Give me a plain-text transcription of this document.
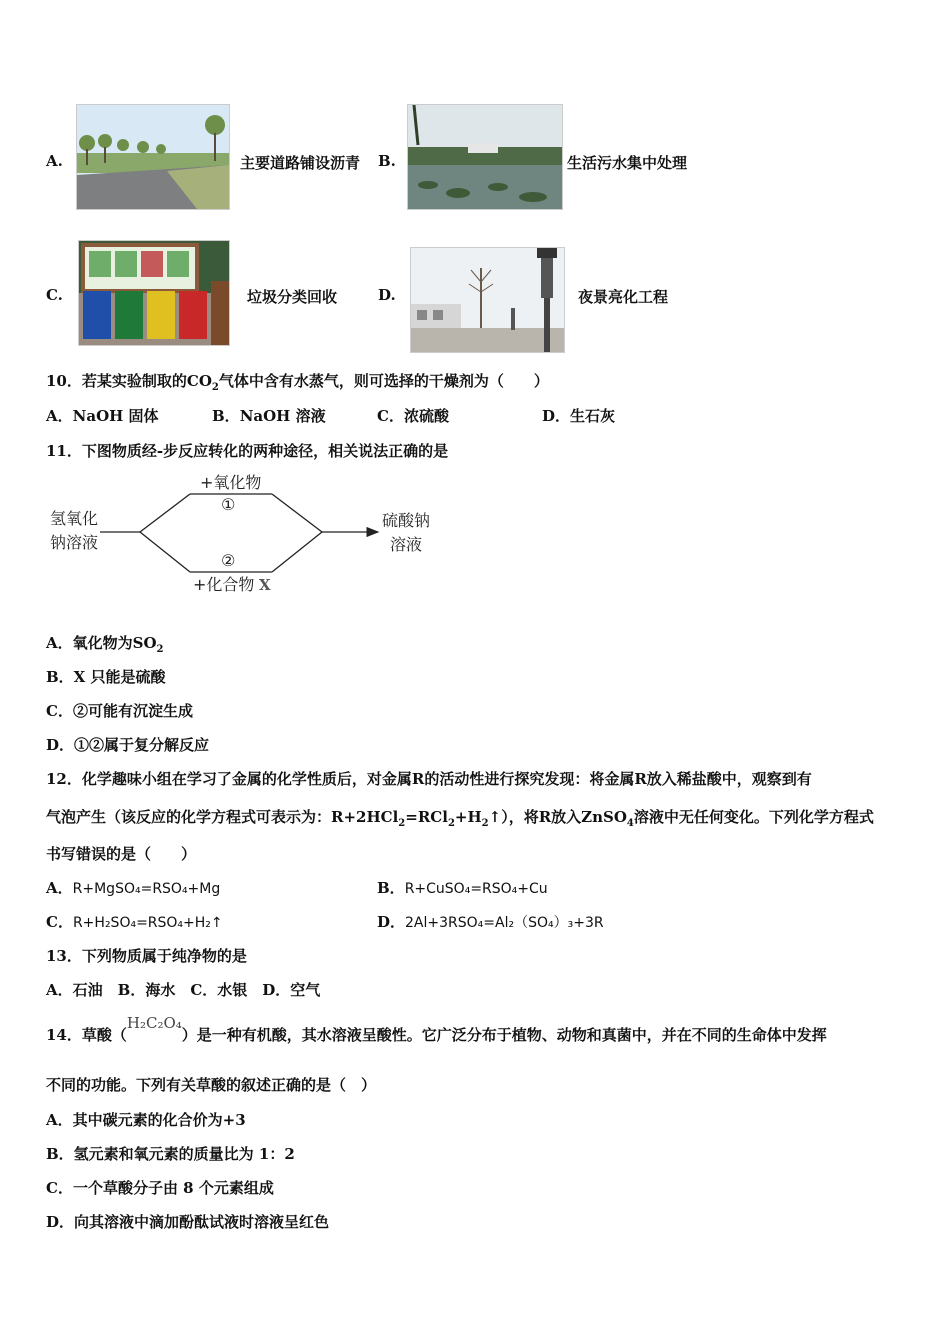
A.	主要道路铺设沥青 B.	生活污水集中处理
C.	垃圾分类回收	D.	夜景亮化工程
10．若某实验制取的$CO_2$气体中含有水蒸气，则可选择的干燥剂为（　　）
A．NaOH 固体	B．NaOH 溶液	C．浓硫酸	D．生石灰
11．下图物质经-步反应转化的两种途径，相关说法正确的是
氢氧化
钠溶液
+氧化物
①
②
+化合物 X
硫酸钠
溶液
A．氧化物为$SO_2$
B．X 只能是硫酸
C．②可能有沉淀生成
D．①②属于复分解反应
12．化学趣味小组在学习了金属的化学性质后，对金属R的活动性进行探究发现：将金属R放入稀盐酸中，观察到有
气泡产生（该反应的化学方程式可表示为：$R+2HCl_2=RCl_2+H_2↑$），将R放入ZnSO$_4$溶液中无任何变化。下列化学方程式
书写错误的是（　　）
A．R+MgSO₄=RSO₄+Mg	B．R+CuSO₄=RSO₄+Cu
C．R+H₂SO₄=RSO₄+H₂↑	D．2Al+3RSO₄=Al₂（SO₄）₃+3R
13．下列物质属于纯净物的是
A．石油　B．海水　C．水银　D．空气
14．草酸（H₂C₂O₄）是一种有机酸，其水溶液呈酸性。它广泛分布于植物、动物和真菌中，并在不同的生命体中发挥
不同的功能。下列有关草酸的叙述正确的是（　）
A．其中碳元素的化合价为+3
B．氢元素和氧元素的质量比为 1：2
C．一个草酸分子由 8 个元素组成
D．向其溶液中滴加酚酞试液时溶液呈红色
